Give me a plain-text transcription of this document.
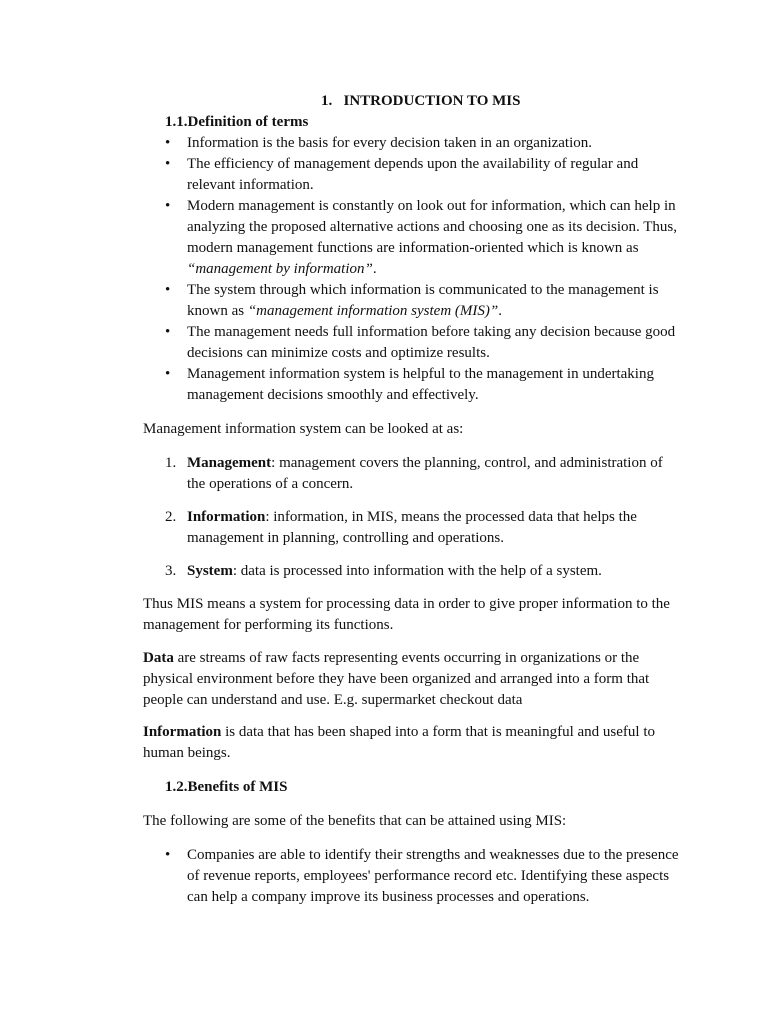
1. INTRODUCTION TO MIS
1.1.Definition of terms
•	Information is the basis for every decision taken in an organization.
•	The efficiency of management depends upon the availability of regular and relevant information.
•	Modern management is constantly on look out for information, which can help in analyzing the proposed alternative actions and choosing one as its decision. Thus, modern management functions are information-oriented which is known as “management by information”.
•	The system through which information is communicated to the management is known as “management information system (MIS)”.
•	The management needs full information before taking any decision because good decisions can minimize costs and optimize results.
•	Management information system is helpful to the management in undertaking management decisions smoothly and effectively.

Management information system can be looked at as:

1. Management: management covers the planning, control, and administration of the operations of a concern.
2. Information: information, in MIS, means the processed data that helps the management in planning, controlling and operations.
3. System: data is processed into information with the help of a system.

Thus MIS means a system for processing data in order to give proper information to the management for performing its functions.

Data are streams of raw facts representing events occurring in organizations or the physical environment before they have been organized and arranged into a form that people can understand and use. E.g. supermarket checkout data

Information is data that has been shaped into a form that is meaningful and useful to human beings.

1.2.Benefits of MIS

The following are some of the benefits that can be attained using MIS:

•	Companies are able to identify their strengths and weaknesses due to the presence of revenue reports, employees' performance record etc. Identifying these aspects can help a company improve its business processes and operations.
